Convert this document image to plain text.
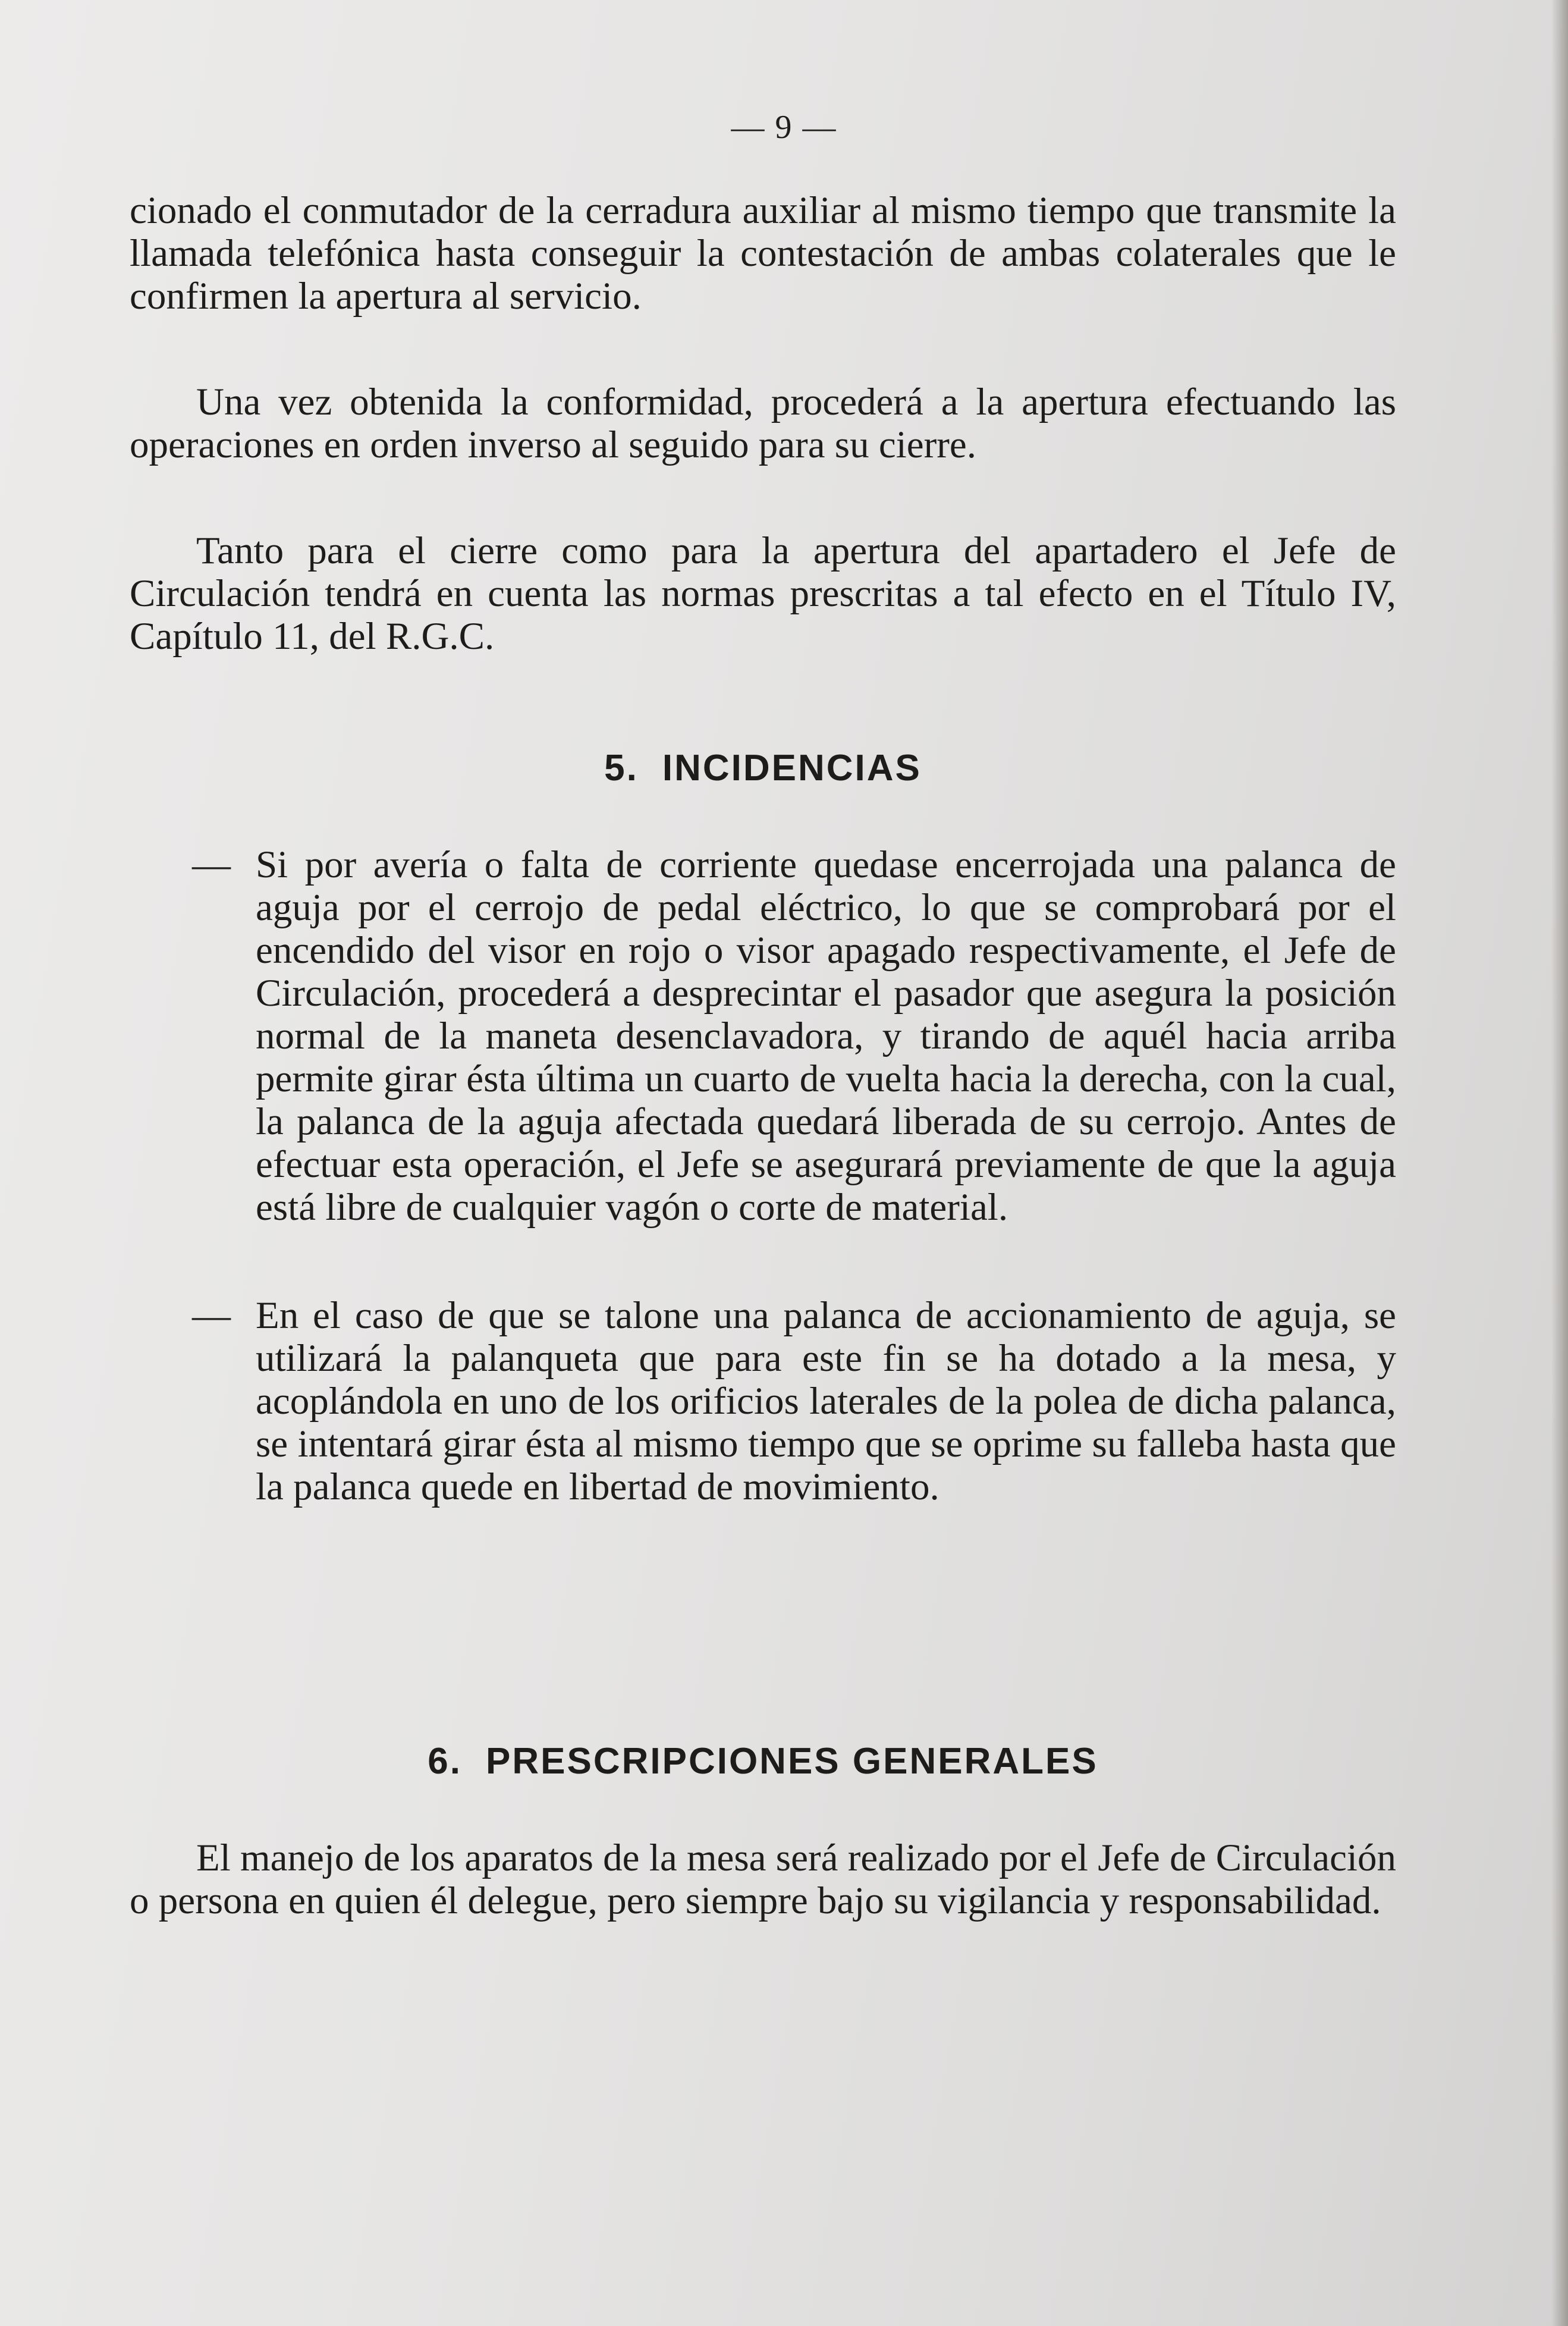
— 9 —

cionado el conmutador de la cerradura auxiliar al mismo tiempo que transmite la llamada telefónica hasta conseguir la contestación de ambas colaterales que le confirmen la apertura al servicio.

Una vez obtenida la conformidad, procederá a la apertura efectuando las operaciones en orden inverso al seguido para su cierre.

Tanto para el cierre como para la apertura del apartadero el Jefe de Circulación tendrá en cuenta las normas prescritas a tal efecto en el Título IV, Capítulo 11, del R.G.C.

5. INCIDENCIAS
— Si por avería o falta de corriente quedase encerrojada una palanca de aguja por el cerrojo de pedal eléctrico, lo que se comprobará por el encendido del visor en rojo o visor apagado respectivamente, el Jefe de Circulación, procederá a desprecintar el pasador que asegura la posición normal de la maneta desenclavadora, y tirando de aquél hacia arriba permite girar ésta última un cuarto de vuelta hacia la derecha, con la cual, la palanca de la aguja afectada quedará liberada de su cerrojo. Antes de efectuar esta operación, el Jefe se asegurará previamente de que la aguja está libre de cualquier vagón o corte de material.
— En el caso de que se talone una palanca de accionamiento de aguja, se utilizará la palanqueta que para este fin se ha dotado a la mesa, y acoplándola en uno de los orificios laterales de la polea de dicha palanca, se intentará girar ésta al mismo tiempo que se oprime su falleba hasta que la palanca quede en libertad de movimiento.
6. PRESCRIPCIONES GENERALES

El manejo de los aparatos de la mesa será realizado por el Jefe de Circulación o persona en quien él delegue, pero siempre bajo su vigilancia y responsabilidad.
